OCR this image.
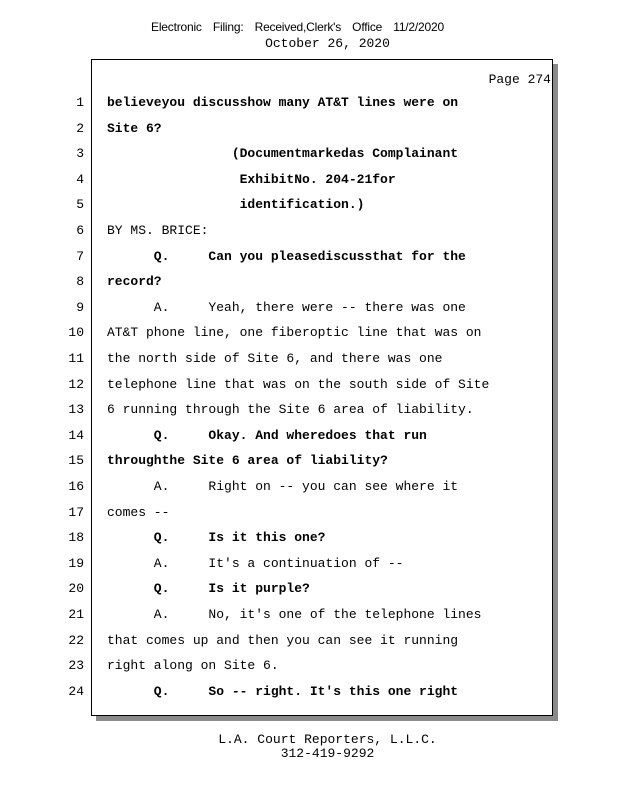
Electronic Filing: Received,Clerk's Office 11/2/2020
October 26, 2020
Page 274
1 believeyou discusshow many AT&T lines were on
2 Site 6?
3 (Documentmarkedas Complainant
4 ExhibitNo. 204-21for
5 identification.)
6 BY MS. BRICE:
7 Q.     Can you pleasediscussthat for the
8 record?
9 A.     Yeah, there were -- there was one
10 AT&T phone line, one fiberoptic line that was on
11 the north side of Site 6, and there was one
12 telephone line that was on the south side of Site
13 6 running through the Site 6 area of liability.
14 Q.     Okay. And wheredoes that run
15 throughthe Site 6 area of liability?
16 A.     Right on -- you can see where it
17 comes --
18 Q.     Is it this one?
19 A.     It's a continuation of --
20 Q.     Is it purple?
21 A.     No, it's one of the telephone lines
22 that comes up and then you can see it running
23 right along on Site 6.
24 Q.     So -- right. It's this one right
L.A. Court Reporters, L.L.C.
312-419-9292
